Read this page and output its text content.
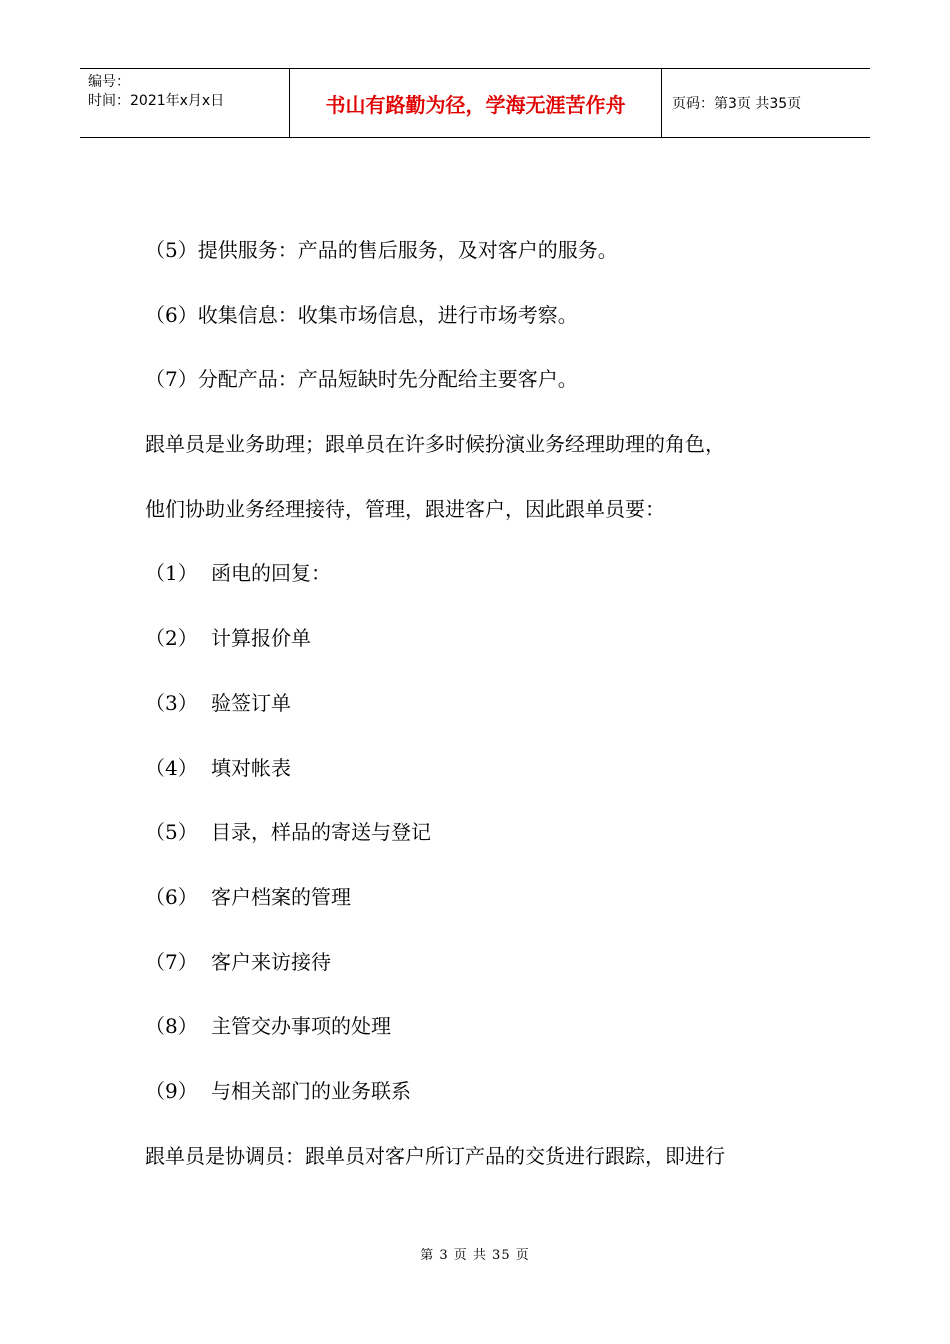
编号：
时间：2021年x月x日	书山有路勤为径，学海无涯苦作舟	页码：第3页 共35页
（5）提供服务：产品的售后服务，及对客户的服务。
（6）收集信息：收集市场信息，进行市场考察。
（7）分配产品：产品短缺时先分配给主要客户。
跟单员是业务助理；跟单员在许多时候扮演业务经理助理的角色，
他们协助业务经理接待，管理，跟进客户，因此跟单员要：
（1） 函电的回复：
（2） 计算报价单
（3） 验签订单
（4） 填对帐表
（5） 目录，样品的寄送与登记
（6） 客户档案的管理
（7） 客户来访接待
（8） 主管交办事项的处理
（9） 与相关部门的业务联系
跟单员是协调员：跟单员对客户所订产品的交货进行跟踪，即进行
第 3 页 共 35 页
